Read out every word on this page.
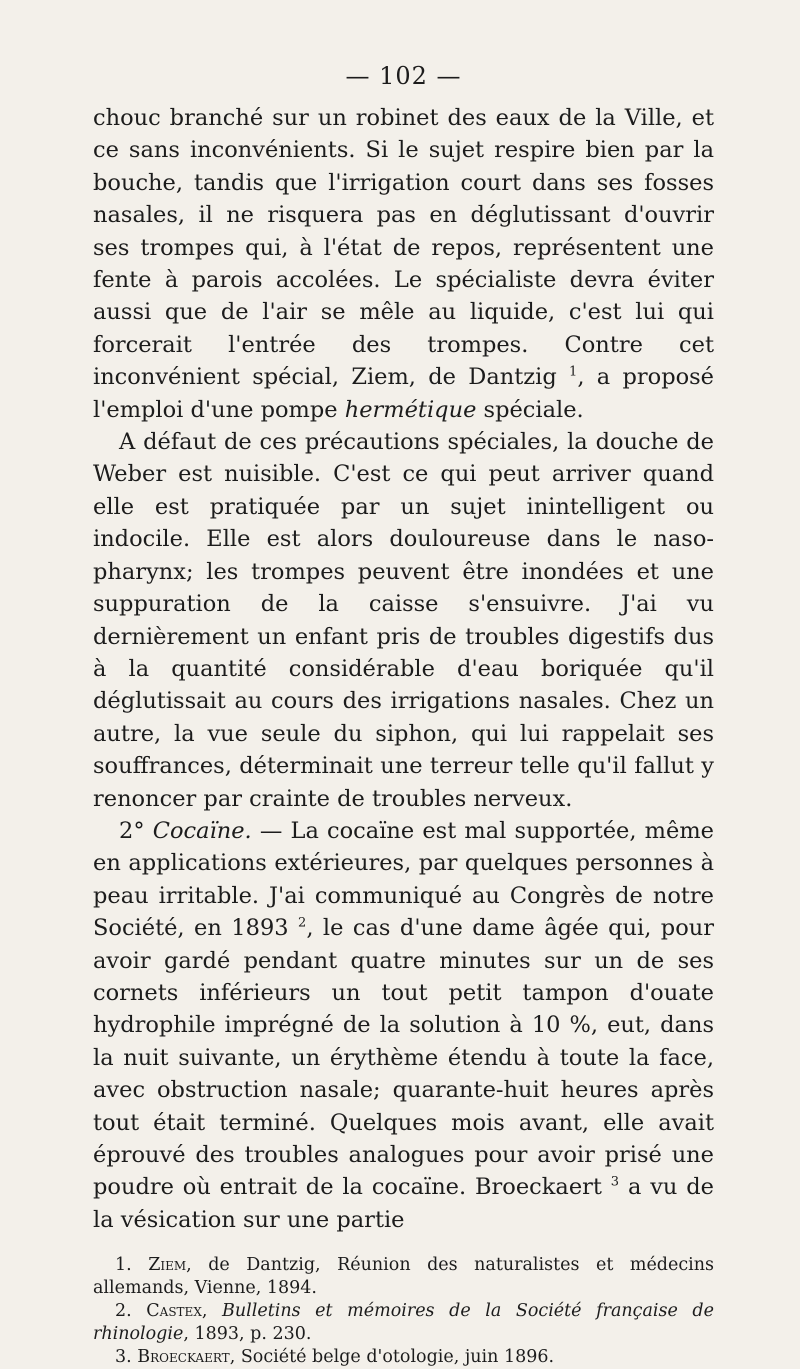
— 102 —

chouc branché sur un robinet des eaux de la Ville, et ce sans inconvénients. Si le sujet respire bien par la bouche, tandis que l'irrigation court dans ses fosses nasales, il ne risquera pas en déglutissant d'ouvrir ses trompes qui, à l'état de repos, représentent une fente à parois accolées. Le spécialiste devra éviter aussi que de l'air se mêle au liquide, c'est lui qui forcerait l'entrée des trompes. Contre cet inconvénient spécial, Ziem, de Dantzig $^1$, a proposé l'emploi d'une pompe hermétique spéciale.

A défaut de ces précautions spéciales, la douche de Weber est nuisible. C'est ce qui peut arriver quand elle est pratiquée par un sujet inintelligent ou indocile. Elle est alors douloureuse dans le naso-pharynx; les trompes peuvent être inondées et une suppuration de la caisse s'ensuivre. J'ai vu dernièrement un enfant pris de troubles digestifs dus à la quantité considérable d'eau boriquée qu'il déglutissait au cours des irrigations nasales. Chez un autre, la vue seule du siphon, qui lui rappelait ses souffrances, déterminait une terreur telle qu'il fallut y renoncer par crainte de troubles nerveux.

2° Cocaïne. — La cocaïne est mal supportée, même en applications extérieures, par quelques personnes à peau irritable. J'ai communiqué au Congrès de notre Société, en 1893 $^2$, le cas d'une dame âgée qui, pour avoir gardé pendant quatre minutes sur un de ses cornets inférieurs un tout petit tampon d'ouate hydrophile imprégné de la solution à 10 %, eut, dans la nuit suivante, un érythème étendu à toute la face, avec obstruction nasale; quarante-huit heures après tout était terminé. Quelques mois avant, elle avait éprouvé des troubles analogues pour avoir prisé une poudre où entrait de la cocaïne. Broeckaert $^3$ a vu de la vésication sur une partie

1. Ziem, de Dantzig, Réunion des naturalistes et médecins allemands, Vienne, 1894.

2. Castex, Bulletins et mémoires de la Société française de rhinologie, 1893, p. 230.

3. Broeckaert, Société belge d'otologie, juin 1896.
